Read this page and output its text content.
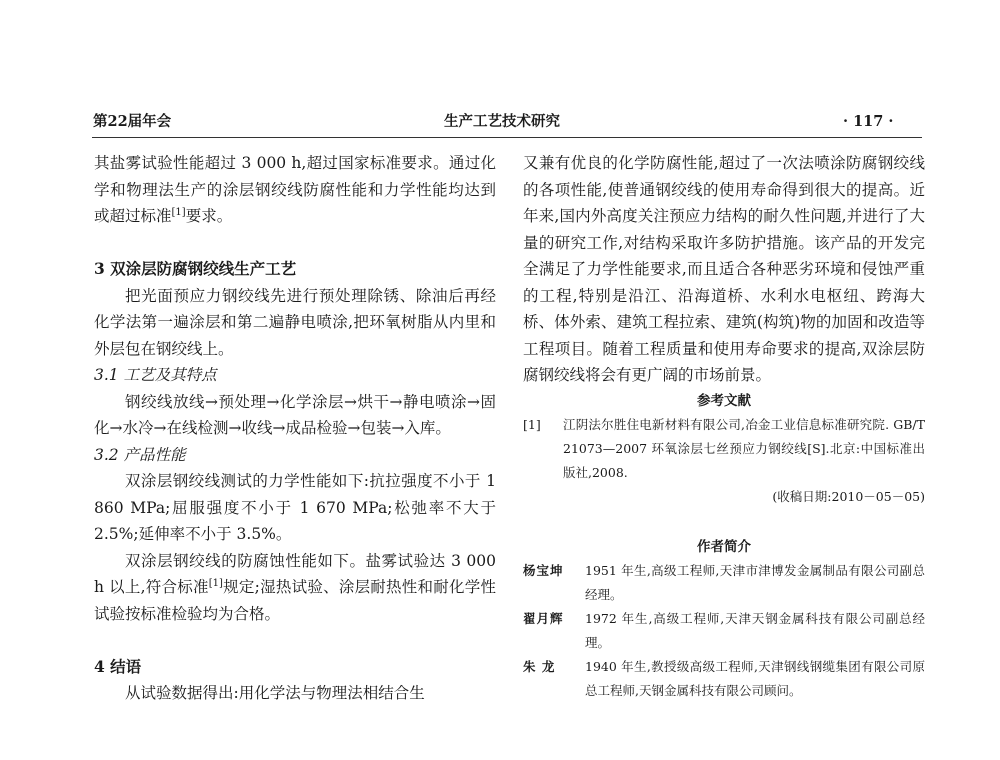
第22届年会	生产工艺技术研究	· 117 ·

其盐雾试验性能超过 3 000 h,超过国家标准要求。通过化学和物理法生产的涂层钢绞线防腐性能和力学性能均达到或超过标准[1]要求。

3 双涂层防腐钢绞线生产工艺

把光面预应力钢绞线先进行预处理除锈、除油后再经化学法第一遍涂层和第二遍静电喷涂,把环氧树脂从内里和外层包在钢绞线上。

3.1 工艺及其特点

钢绞线放线→预处理→化学涂层→烘干→静电喷涂→固化→水冷→在线检测→收线→成品检验→包装→入库。

3.2 产品性能

双涂层钢绞线测试的力学性能如下:抗拉强度不小于 1 860 MPa;屈服强度不小于 1 670 MPa;松弛率不大于 2.5%;延伸率不小于 3.5%。

双涂层钢绞线的防腐蚀性能如下。盐雾试验达 3 000 h 以上,符合标准[1]规定;湿热试验、涂层耐热性和耐化学性试验按标准检验均为合格。

4 结语

从试验数据得出:用化学法与物理法相结合生

又兼有优良的化学防腐性能,超过了一次法喷涂防腐钢绞线的各项性能,使普通钢绞线的使用寿命得到很大的提高。近年来,国内外高度关注预应力结构的耐久性问题,并进行了大量的研究工作,对结构采取许多防护措施。该产品的开发完全满足了力学性能要求,而且适合各种恶劣环境和侵蚀严重的工程,特别是沿江、沿海道桥、水利水电枢纽、跨海大桥、体外索、建筑工程拉索、建筑(构筑)物的加固和改造等工程项目。随着工程质量和使用寿命要求的提高,双涂层防腐钢绞线将会有更广阔的市场前景。

参考文献

[1]	江阴法尔胜住电新材料有限公司,冶金工业信息标准研究院. GB/T 21073—2007 环氧涂层七丝预应力钢绞线[S].北京:中国标准出版社,2008.

(收稿日期:2010－05－05)

作者简介

杨宝坤	1951 年生,高级工程师,天津市津博发金属制品有限公司副总经理。
翟月辉	1972 年生,高级工程师,天津天钢金属科技有限公司副总经理。
朱 龙	1940 年生,教授级高级工程师,天津钢线钢缆集团有限公司原总工程师,天钢金属科技有限公司顾问。
